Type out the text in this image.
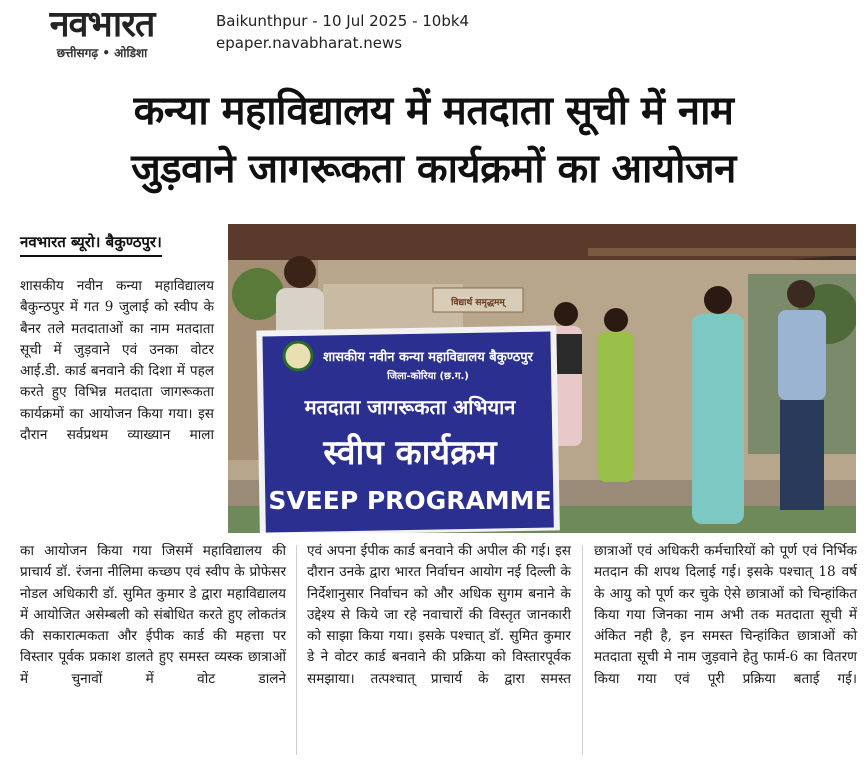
नवभारत
छत्तीसगढ़ • ओडिशा
Baikunthpur - 10 Jul 2025 - 10bk4
epaper.navabharat.news
कन्या महाविद्यालय में मतदाता सूची में नाम
जुड़वाने जागरूकता कार्यक्रमों का आयोजन
नवभारत ब्यूरो। बैकुण्ठपुर।
शासकीय नवीन कन्या महाविद्यालय बैकुन्ठपुर में गत 9 जुलाई को स्वीप के बैनर तले मतदाताओं का नाम मतदाता सूची में जुड़वाने एवं उनका वोटर आई.डी. कार्ड बनवाने की दिशा में पहल करते हुए विभिन्न मतदाता जागरूकता कार्यक्रमों का आयोजन किया गया। इस दौरान सर्वप्रथम व्याख्यान माला
विद्यार्थ समृद्धमम्
शासकीय नवीन कन्या महाविद्यालय बैकुण्ठपुर
जिला-कोरिया (छ.ग.)
मतदाता जागरूकता अभियान
स्वीप कार्यक्रम
SVEEP PROGRAMME
का आयोजन किया गया जिसमें महाविद्यालय की प्राचार्य डॉ. रंजना नीलिमा कच्छप एवं स्वीप के प्रोफेसर नोडल अधिकारी डॉ. सुमित कुमार डे द्वारा महाविद्यालय में आयोजित असेम्बली को संबोधित करते हुए लोकतंत्र की सकारात्मकता और ईपीक कार्ड की महत्ता पर विस्तार पूर्वक प्रकाश डालते हुए समस्त व्यस्क छात्राओं में चुनावों में वोट डालने
एवं अपना ईपीक कार्ड बनवाने की अपील की गई। इस दौरान उनके द्वारा भारत निर्वाचन आयोग नई दिल्ली के निर्देशानुसार निर्वाचन को और अधिक सुगम बनाने के उद्देश्य से किये जा रहे नवाचारों की विस्तृत जानकारी को साझा किया गया। इसके पश्चात् डॉ. सुमित कुमार डे ने वोटर कार्ड बनवाने की प्रक्रिया को विस्तारपूर्वक समझाया। तत्पश्चात् प्राचार्य के द्वारा समस्त
छात्राओं एवं अधिकरी कर्मचारियों को पूर्ण एवं निर्भिक मतदान की शपथ दिलाई गई। इसके पश्चात् 18 वर्ष के आयु को पूर्ण कर चुके ऐसे छात्राओं को चिन्हांकित किया गया जिनका नाम अभी तक मतदाता सूची में अंकित नही है, इन समस्त चिन्हांकित छात्राओं को मतदाता सूची मे नाम जुड़वाने हेतु फार्म-6 का वितरण किया गया एवं पूरी प्रक्रिया बताई गई।
